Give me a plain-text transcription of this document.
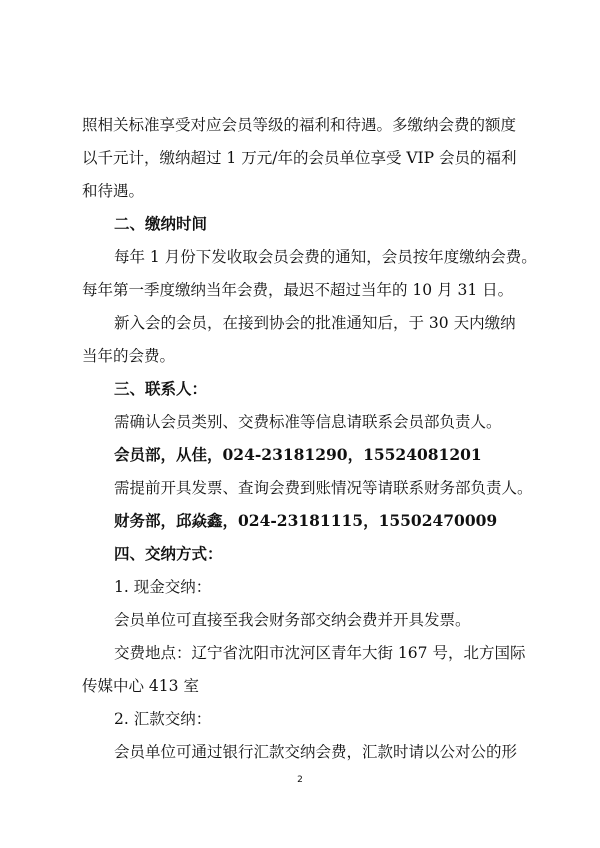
照相关标准享受对应会员等级的福利和待遇。多缴纳会费的额度
以千元计，缴纳超过 1 万元/年的会员单位享受 VIP 会员的福利
和待遇。
二、缴纳时间
每年 1 月份下发收取会员会费的通知，会员按年度缴纳会费。
每年第一季度缴纳当年会费，最迟不超过当年的 10 月 31 日。
新入会的会员，在接到协会的批准通知后，于 30 天内缴纳
当年的会费。
三、联系人：
需确认会员类别、交费标准等信息请联系会员部负责人。
会员部，从佳，024-23181290，15524081201
需提前开具发票、查询会费到账情况等请联系财务部负责人。
财务部，邱焱鑫，024-23181115，15502470009
四、交纳方式：
1. 现金交纳：
会员单位可直接至我会财务部交纳会费并开具发票。
交费地点：辽宁省沈阳市沈河区青年大街 167 号，北方国际
传媒中心 413 室
2. 汇款交纳：
会员单位可通过银行汇款交纳会费，汇款时请以公对公的形
2
